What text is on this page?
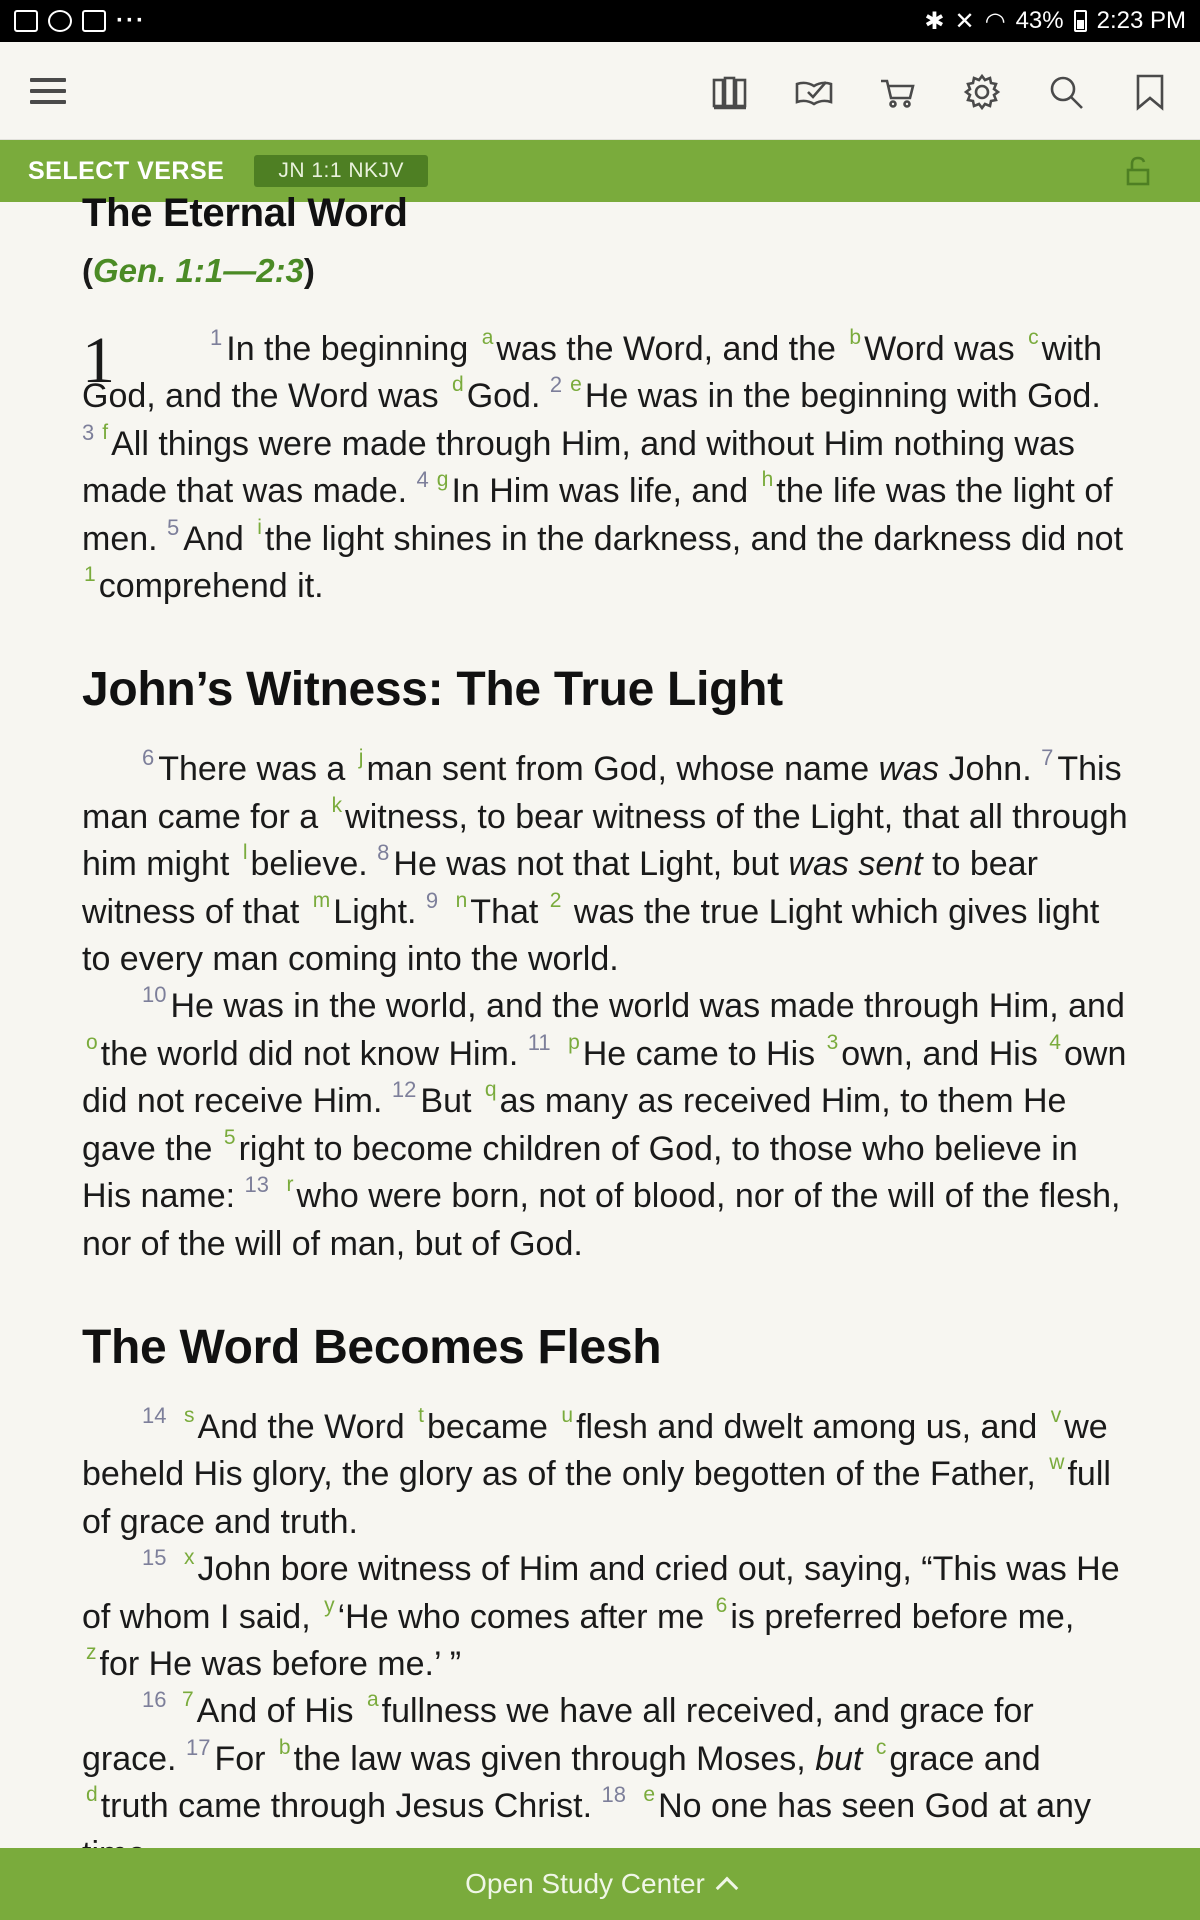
···	✱ ✕ ◠ 43% 2:23 PM
SELECT VERSE	JN 1:1 NKJV
The Eternal Word
(Gen. 1:1—2:3)

1	$^1$ In the beginning $^a$was the Word, and the $^b$Word was $^c$with God, and the Word was $^d$God. $^2$ $^e$He was in the beginning with God. $^3$ $^f$All things were made through Him, and without Him nothing was made that was made. $^4$ $^g$In Him was life, and $^h$the life was the light of men. $^5$ And $^i$the light shines in the darkness, and the darkness did not $^1$comprehend it.

John’s Witness: The True Light

$^6$ There was a $^j$man sent from God, whose name was John. $^7$ This man came for a $^k$witness, to bear witness of the Light, that all through him might $^l$believe. $^8$ He was not that Light, but was sent to bear witness of that $^m$Light. $^9$ $^n$That $^2$ was the true Light which gives light to every man coming into the world.

$^{10}$ He was in the world, and the world was made through Him, and $^o$the world did not know Him. $^{11}$ $^p$He came to His $^3$own, and His $^4$own did not receive Him. $^{12}$ But $^q$as many as received Him, to them He gave the $^5$right to become children of God, to those who believe in His name: $^{13}$ $^r$who were born, not of blood, nor of the will of the flesh, nor of the will of man, but of God.

The Word Becomes Flesh

$^{14}$ $^s$And the Word $^t$became $^u$flesh and dwelt among us, and $^v$we beheld His glory, the glory as of the only begotten of the Father, $^w$full of grace and truth.

$^{15}$ $^x$John bore witness of Him and cried out, saying, “This was He of whom I said, $^y$‘He who comes after me $^6$is preferred before me, $^z$for He was before me.’ ”

$^{16}$ $^7$And of His $^a$fullness we have all received, and grace for grace. $^{17}$ For $^b$the law was given through Moses, but $^c$grace and $^d$truth came through Jesus Christ. $^{18}$ $^e$No one has seen God at any

Open Study Center
